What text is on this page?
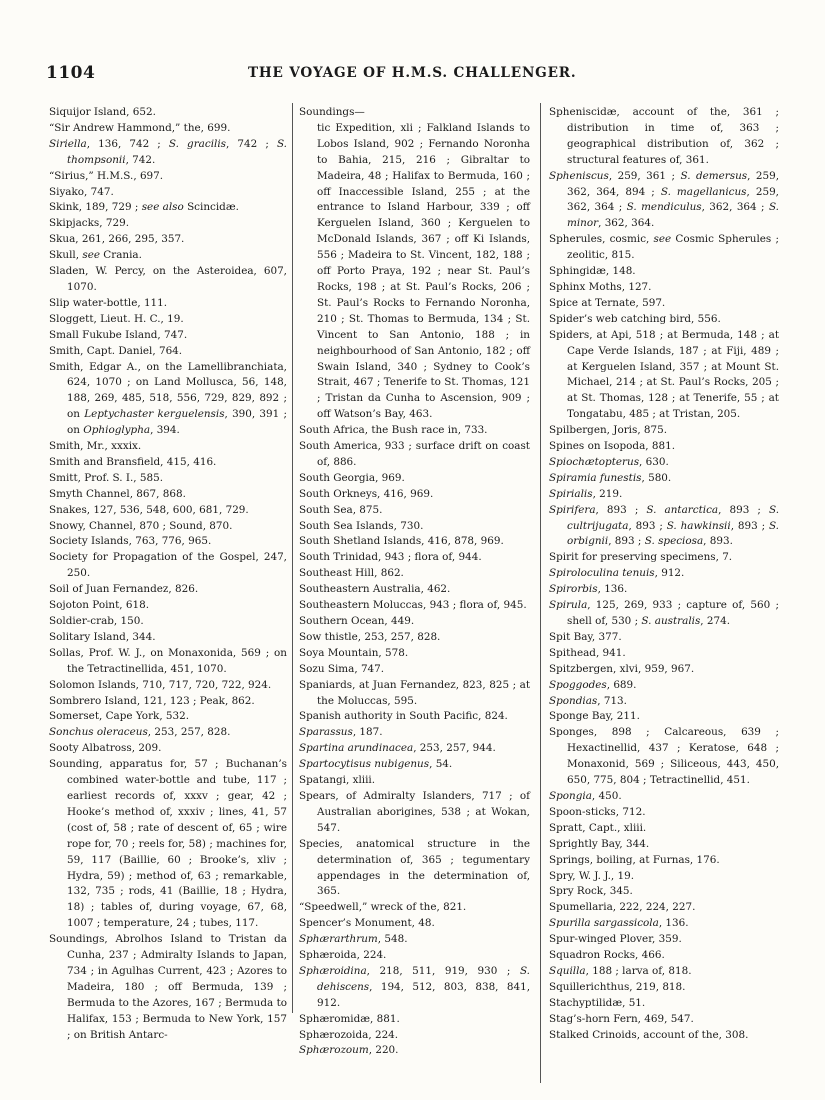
1104	THE VOYAGE OF H.M.S. CHALLENGER.

Siquijor Island, 652.

“Sir Andrew Hammond,” the, 699.

Siriella, 136, 742 ; S. gracilis, 742 ; S. thompsonii, 742.

“Sirius,” H.M.S., 697.

Siyako, 747.

Skink, 189, 729 ; see also Scincidæ.

Skipjacks, 729.

Skua, 261, 266, 295, 357.

Skull, see Crania.

Sladen, W. Percy, on the Asteroidea, 607, 1070.

Slip water-bottle, 111.

Sloggett, Lieut. H. C., 19.

Small Fukube Island, 747.

Smith, Capt. Daniel, 764.

Smith, Edgar A., on the Lamellibranchiata, 624, 1070 ; on Land Mollusca, 56, 148, 188, 269, 485, 518, 556, 729, 829, 892 ; on Leptychaster kerguelensis, 390, 391 ; on Ophioglypha, 394.

Smith, Mr., xxxix.

Smith and Bransfield, 415, 416.

Smitt, Prof. S. I., 585.

Smyth Channel, 867, 868.

Snakes, 127, 536, 548, 600, 681, 729.

Snowy, Channel, 870 ; Sound, 870.

Society Islands, 763, 776, 965.

Society for Propagation of the Gospel, 247, 250.

Soil of Juan Fernandez, 826.

Sojoton Point, 618.

Soldier-crab, 150.

Solitary Island, 344.

Sollas, Prof. W. J., on Monaxonida, 569 ; on the Tetractinellida, 451, 1070.

Solomon Islands, 710, 717, 720, 722, 924.

Sombrero Island, 121, 123 ; Peak, 862.

Somerset, Cape York, 532.

Sonchus oleraceus, 253, 257, 828.

Sooty Albatross, 209.

Sounding, apparatus for, 57 ; Buchanan’s combined water-bottle and tube, 117 ; earliest records of, xxxv ; gear, 42 ; Hooke’s method of, xxxiv ; lines, 41, 57 (cost of, 58 ; rate of descent of, 65 ; wire rope for, 70 ; reels for, 58) ; machines for, 59, 117 (Baillie, 60 ; Brooke’s, xliv ; Hydra, 59) ; method of, 63 ; remarkable, 132, 735 ; rods, 41 (Baillie, 18 ; Hydra, 18) ; tables of, during voyage, 67, 68, 1007 ; temperature, 24 ; tubes, 117.

Soundings, Abrolhos Island to Tristan da Cunha, 237 ; Admiralty Islands to Japan, 734 ; in Agulhas Current, 423 ; Azores to Madeira, 180 ; off Bermuda, 139 ; Bermuda to the Azores, 167 ; Bermuda to Halifax, 153 ; Bermuda to New York, 157 ; on British Antarc-

Soundings—

tic Expedition, xli ; Falkland Islands to Lobos Island, 902 ; Fernando Noronha to Bahia, 215, 216 ; Gibraltar to Madeira, 48 ; Halifax to Bermuda, 160 ; off Inaccessible Island, 255 ; at the entrance to Island Harbour, 339 ; off Kerguelen Island, 360 ; Kerguelen to McDonald Islands, 367 ; off Ki Islands, 556 ; Madeira to St. Vincent, 182, 188 ; off Porto Praya, 192 ; near St. Paul’s Rocks, 198 ; at St. Paul’s Rocks, 206 ; St. Paul’s Rocks to Fernando Noronha, 210 ; St. Thomas to Bermuda, 134 ; St. Vincent to San Antonio, 188 ; in neighbourhood of San Antonio, 182 ; off Swain Island, 340 ; Sydney to Cook’s Strait, 467 ; Tenerife to St. Thomas, 121 ; Tristan da Cunha to Ascension, 909 ; off Watson’s Bay, 463.

South Africa, the Bush race in, 733.

South America, 933 ; surface drift on coast of, 886.

South Georgia, 969.

South Orkneys, 416, 969.

South Sea, 875.

South Sea Islands, 730.

South Shetland Islands, 416, 878, 969.

South Trinidad, 943 ; flora of, 944.

Southeast Hill, 862.

Southeastern Australia, 462.

Southeastern Moluccas, 943 ; flora of, 945.

Southern Ocean, 449.

Sow thistle, 253, 257, 828.

Soya Mountain, 578.

Sozu Sima, 747.

Spaniards, at Juan Fernandez, 823, 825 ; at the Moluccas, 595.

Spanish authority in South Pacific, 824.

Sparassus, 187.

Spartina arundinacea, 253, 257, 944.

Spartocytisus nubigenus, 54.

Spatangi, xliii.

Spears, of Admiralty Islanders, 717 ; of Australian aborigines, 538 ; at Wokan, 547.

Species, anatomical structure in the determination of, 365 ; tegumentary appendages in the determination of, 365.

“Speedwell,” wreck of the, 821.

Spencer’s Monument, 48.

Sphærarthrum, 548.

Sphæroida, 224.

Sphæroidina, 218, 511, 919, 930 ; S. dehiscens, 194, 512, 803, 838, 841, 912.

Sphæromidæ, 881.

Sphærozoida, 224.

Sphærozoum, 220.

Spheniscidæ, account of the, 361 ; distribution in time of, 363 ; geographical distribution of, 362 ; structural features of, 361.

Spheniscus, 259, 361 ; S. demersus, 259, 362, 364, 894 ; S. magellanicus, 259, 362, 364 ; S. mendiculus, 362, 364 ; S. minor, 362, 364.

Spherules, cosmic, see Cosmic Spherules ; zeolitic, 815.

Sphingidæ, 148.

Sphinx Moths, 127.

Spice at Ternate, 597.

Spider’s web catching bird, 556.

Spiders, at Api, 518 ; at Bermuda, 148 ; at Cape Verde Islands, 187 ; at Fiji, 489 ; at Kerguelen Island, 357 ; at Mount St. Michael, 214 ; at St. Paul’s Rocks, 205 ; at St. Thomas, 128 ; at Tenerife, 55 ; at Tongatabu, 485 ; at Tristan, 205.

Spilbergen, Joris, 875.

Spines on Isopoda, 881.

Spiochætopterus, 630.

Spiramia funestis, 580.

Spirialis, 219.

Spirifera, 893 ; S. antarctica, 893 ; S. cultrijugata, 893 ; S. hawkinsii, 893 ; S. orbignii, 893 ; S. speciosa, 893.

Spirit for preserving specimens, 7.

Spiroloculina tenuis, 912.

Spirorbis, 136.

Spirula, 125, 269, 933 ; capture of, 560 ; shell of, 530 ; S. australis, 274.

Spit Bay, 377.

Spithead, 941.

Spitzbergen, xlvi, 959, 967.

Spoggodes, 689.

Spondias, 713.

Sponge Bay, 211.

Sponges, 898 ; Calcareous, 639 ; Hexactinellid, 437 ; Keratose, 648 ; Monaxonid, 569 ; Siliceous, 443, 450, 650, 775, 804 ; Tetractinellid, 451.

Spongia, 450.

Spoon-sticks, 712.

Spratt, Capt., xliii.

Sprightly Bay, 344.

Springs, boiling, at Furnas, 176.

Spry, W. J. J., 19.

Spry Rock, 345.

Spumellaria, 222, 224, 227.

Spurilla sargassicola, 136.

Spur-winged Plover, 359.

Squadron Rocks, 466.

Squilla, 188 ; larva of, 818.

Squillerichthus, 219, 818.

Stachyptilidæ, 51.

Stag’s-horn Fern, 469, 547.

Stalked Crinoids, account of the, 308.
